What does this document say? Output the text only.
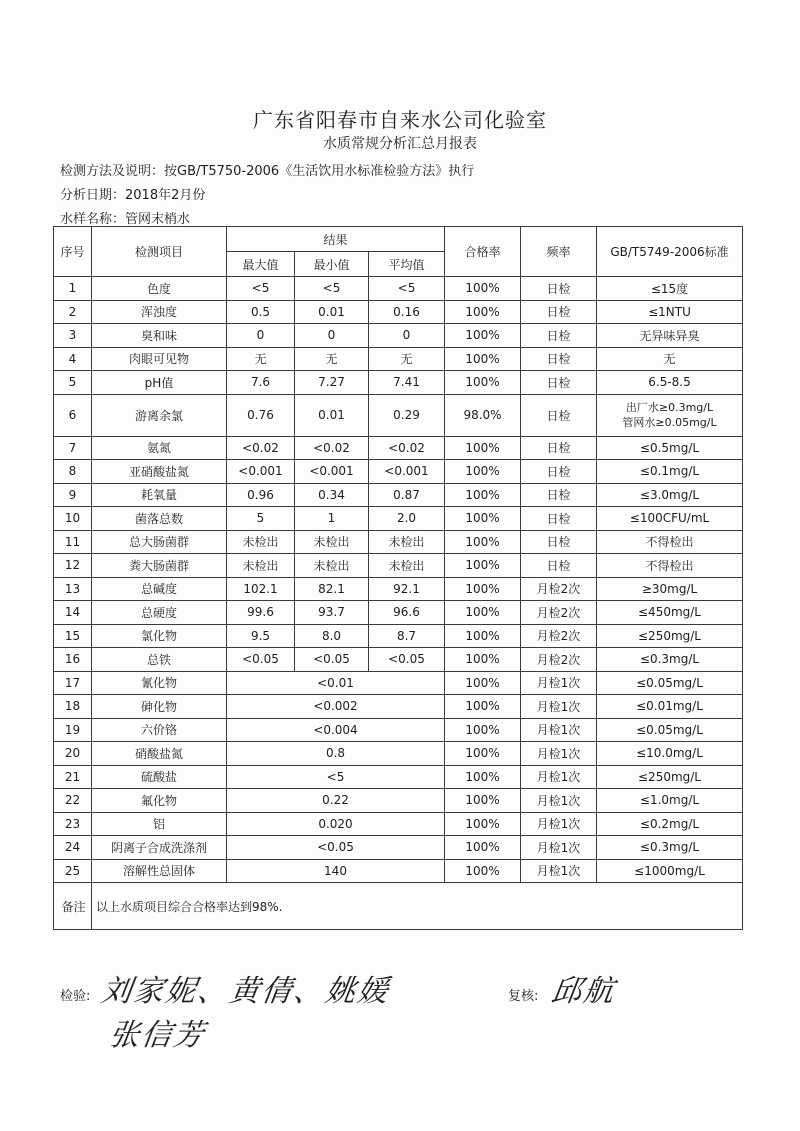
广东省阳春市自来水公司化验室
水质常规分析汇总月报表
检测方法及说明：按GB/T5750-2006《生活饮用水标准检验方法》执行
分析日期：2018年2月份
水样名称：管网末梢水
序号	检测项目	结果			合格率	频率	GB/T5749-2006标准
		最大值	最小值	平均值			
1	色度	<5	<5	<5	100%	日检	≤15度
2	浑浊度	0.5	0.01	0.16	100%	日检	≤1NTU
3	臭和味	0	0	0	100%	日检	无异味异臭
4	肉眼可见物	无	无	无	100%	日检	无
5	pH值	7.6	7.27	7.41	100%	日检	6.5-8.5
6	游离余氯	0.76	0.01	0.29	98.0%	日检	出厂水≥0.3mg/L
管网水≥0.05mg/L

7	氨氮	<0.02	<0.02	<0.02	100%	日检	≤0.5mg/L
8	亚硝酸盐氮	<0.001	<0.001	<0.001	100%	日检	≤0.1mg/L
9	耗氧量	0.96	0.34	0.87	100%	日检	≤3.0mg/L
10	菌落总数	5	1	2.0	100%	日检	≤100CFU/mL
11	总大肠菌群	未检出	未检出	未检出	100%	日检	不得检出
12	粪大肠菌群	未检出	未检出	未检出	100%	日检	不得检出
13	总碱度	102.1	82.1	92.1	100%	月检2次	≥30mg/L
14	总硬度	99.6	93.7	96.6	100%	月检2次	≤450mg/L
15	氯化物	9.5	8.0	8.7	100%	月检2次	≤250mg/L
16	总铁	<0.05	<0.05	<0.05	100%	月检2次	≤0.3mg/L
17	氰化物	<0.01			100%	月检1次	≤0.05mg/L
18	砷化物	<0.002			100%	月检1次	≤0.01mg/L
19	六价铬	<0.004			100%	月检1次	≤0.05mg/L
20	硝酸盐氮	0.8			100%	月检1次	≤10.0mg/L
21	硫酸盐	<5			100%	月检1次	≤250mg/L
22	氟化物	0.22			100%	月检1次	≤1.0mg/L
23	铝	0.020			100%	月检1次	≤0.2mg/L
24	阴离子合成洗涤剂	<0.05			100%	月检1次	≤0.3mg/L
25	溶解性总固体	140			100%	月检1次	≤1000mg/L
备注	以上水质项目综合合格率达到98%.						
检验: 刘家妮、黄倩、姚媛
张信芳
复核: 邱航
